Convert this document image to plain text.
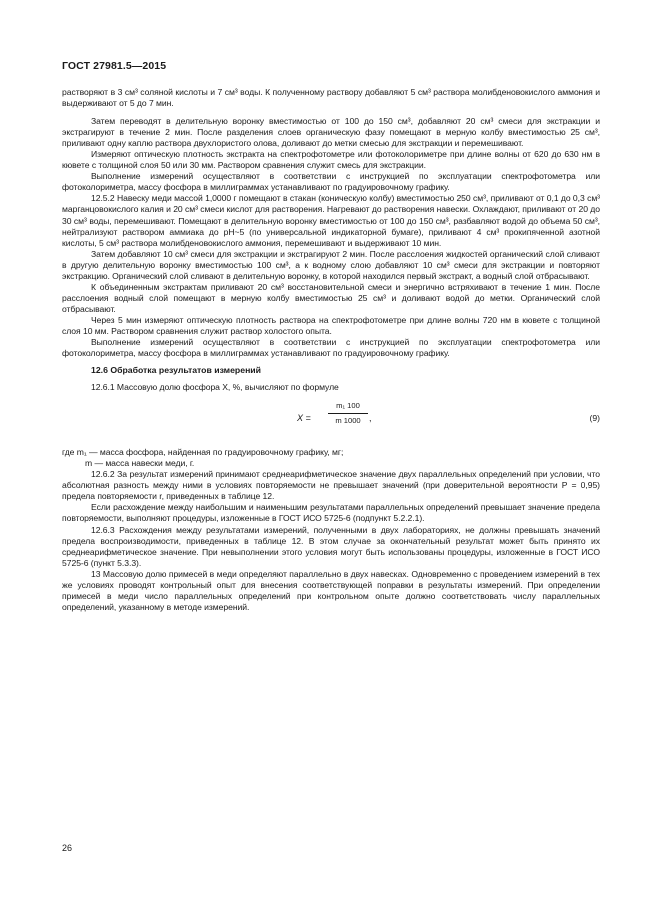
ГОСТ 27981.5—2015

растворяют в 3 см³ соляной кислоты и 7 см³ воды. К полученному раствору добавляют 5 см³ раствора молибденовокислого аммония и выдерживают от 5 до 7 мин.

Затем переводят в делительную воронку вместимостью от 100 до 150 см³, добавляют 20 см³ смеси для экстракции и экстрагируют в течение 2 мин. После разделения слоев органическую фазу помещают в мерную колбу вместимостью 25 см³, приливают одну каплю раствора двухлористого олова, доливают до метки смесью для экстракции и перемешивают.

Измеряют оптическую плотность экстракта на спектрофотометре или фотоколориметре при длине волны от 620 до 630 нм в кювете с толщиной слоя 50 или 30 мм. Раствором сравнения служит смесь для экстракции.

Выполнение измерений осуществляют в соответствии с инструкцией по эксплуатации спектрофотометра или фотоколориметра, массу фосфора в миллиграммах устанавливают по градуировочному графику.

12.5.2 Навеску меди массой 1,0000 г помещают в стакан (коническую колбу) вместимостью 250 см³, приливают от 0,1 до 0,3 см³ марганцовокислого калия и 20 см³ смеси кислот для растворения. Нагревают до растворения навески. Охлаждают, приливают от 20 до 30 см³ воды, перемешивают. Помещают в делительную воронку вместимостью от 100 до 150 см³, разбавляют водой до объема 50 см³, нейтрализуют раствором аммиака до pH~5 (по универсальной индикаторной бумаге), приливают 4 см³ прокипяченной азотной кислоты, 5 см³ раствора молибденовокислого аммония, перемешивают и выдерживают 10 мин.

Затем добавляют 10 см³ смеси для экстракции и экстрагируют 2 мин. После расслоения жидкостей органический слой сливают в другую делительную воронку вместимостью 100 см³, а к водному слою добавляют 10 см³ смеси для экстракции и повторяют экстракцию. Органический слой сливают в делительную воронку, в которой находился первый экстракт, а водный слой отбрасывают.

К объединенным экстрактам приливают 20 см³ восстановительной смеси и энергично встряхивают в течение 1 мин. После расслоения водный слой помещают в мерную колбу вместимостью 25 см³ и доливают водой до метки. Органический слой отбрасывают.

Через 5 мин измеряют оптическую плотность раствора на спектрофотометре при длине волны 720 нм в кювете с толщиной слоя 10 мм. Раствором сравнения служит раствор холостого опыта.

Выполнение измерений осуществляют в соответствии с инструкцией по эксплуатации спектрофотометра или фотоколориметра, массу фосфора в миллиграммах устанавливают по градуировочному графику.

12.6 Обработка результатов измерений

12.6.1 Массовую долю фосфора X, %, вычисляют по формуле

X =
m₁ 100
m 1000 ,	(9)

где m₁ — масса фосфора, найденная по градуировочному графику, мг;

m — масса навески меди, г.

12.6.2 За результат измерений принимают среднеарифметическое значение двух параллельных определений при условии, что абсолютная разность между ними в условиях повторяемости не превышает значений (при доверительной вероятности P = 0,95) предела повторяемости r, приведенных в таблице 12.

Если расхождение между наибольшим и наименьшим результатами параллельных определений превышает значение предела повторяемости, выполняют процедуры, изложенные в ГОСТ ИСО 5725-6 (подпункт 5.2.2.1).

12.6.3 Расхождения между результатами измерений, полученными в двух лабораториях, не должны превышать значений предела воспроизводимости, приведенных в таблице 12. В этом случае за окончательный результат может быть принято их среднеарифметическое значение. При невыполнении этого условия могут быть использованы процедуры, изложенные в ГОСТ ИСО 5725-6 (пункт 5.3.3).

13 Массовую долю примесей в меди определяют параллельно в двух навесках. Одновременно с проведением измерений в тех же условиях проводят контрольный опыт для внесения соответствующей поправки в результаты измерений. При определении примесей в меди число параллельных определений при контрольном опыте должно соответствовать числу параллельных определений, указанному в методе измерений.

26
